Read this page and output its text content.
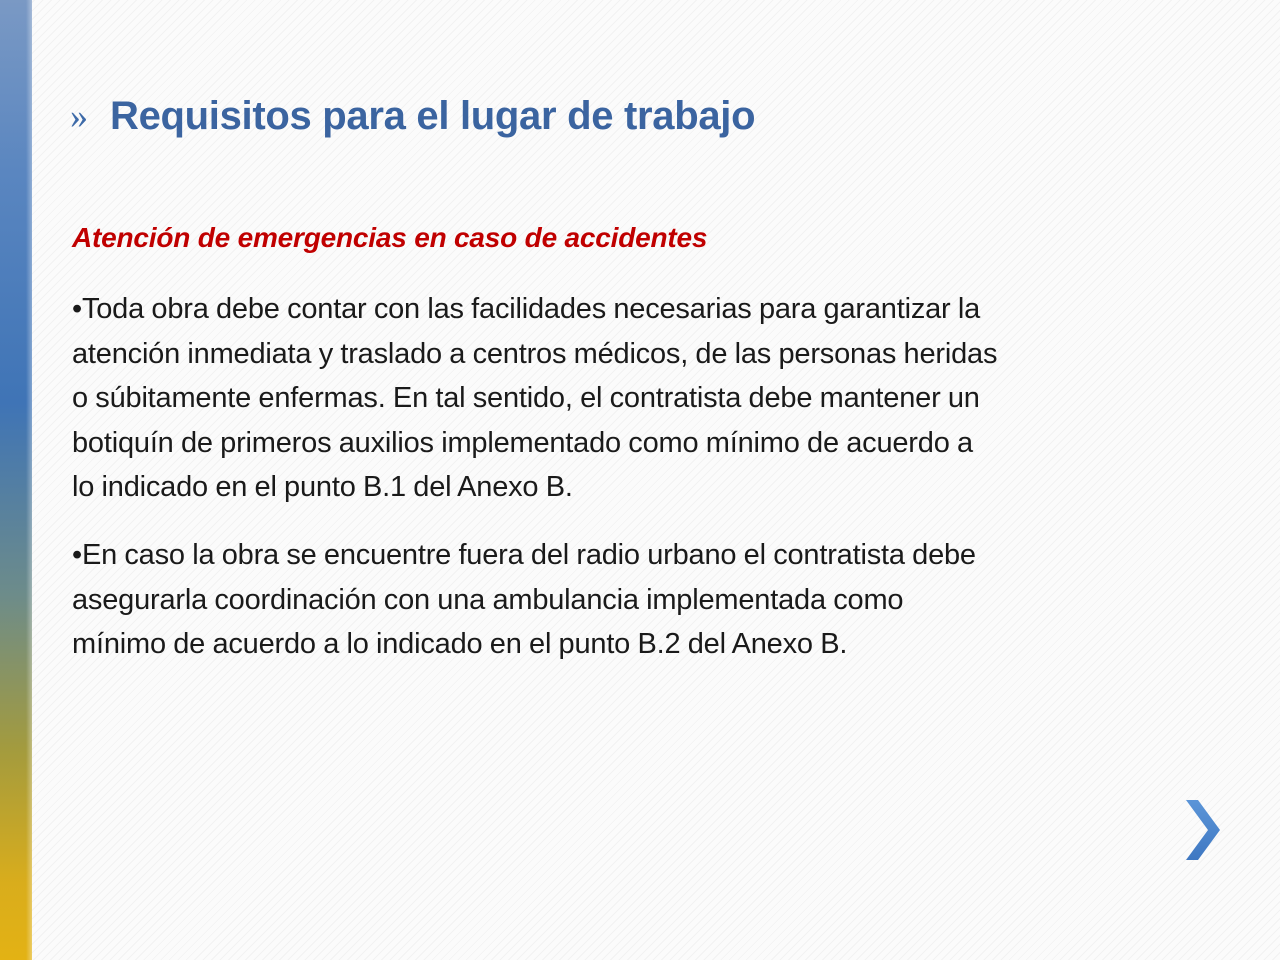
» Requisitos para el lugar de trabajo
Atención de emergencias en caso de accidentes
•Toda obra debe contar con las facilidades necesarias para garantizar la
atención inmediata y traslado a centros médicos, de las personas heridas
o súbitamente enfermas. En tal sentido, el contratista debe mantener un
botiquín de primeros auxilios implementado como mínimo de acuerdo a
lo indicado en el punto B.1 del Anexo B.
•En caso la obra se encuentre fuera del radio urbano el contratista debe
asegurarla coordinación con una ambulancia implementada como
mínimo de acuerdo a lo indicado en el punto B.2 del Anexo B.
